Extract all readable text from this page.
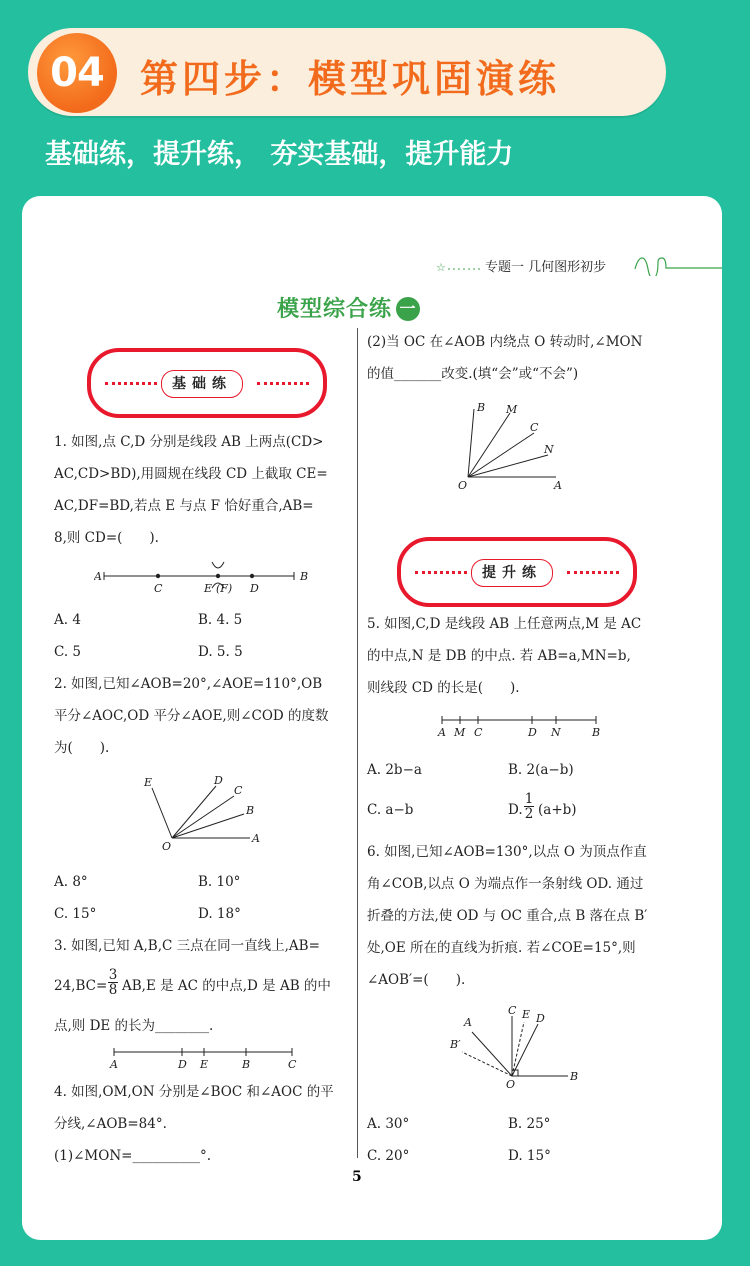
04 第四步：模型巩固演练
基础练，提升练， 夯实基础，提升能力
☆	专题一 几何图形初步
模型综合练 一
基础练
1. 如图,点 C,D 分别是线段 AB 上两点(CD>
AC,CD>BD),用圆规在线段 CD 上截取 CE=
AC,DF=BD,若点 E 与点 F 恰好重合,AB=
8,则 CD=(　　).
A
C	E (F) D
B
A. 4	B. 4. 5
C. 5	D. 5. 5
2. 如图,已知∠AOB=20°,∠AOE=110°,OB
平分∠AOC,OD 平分∠AOE,则∠COD 的度数
为(　　).
E	D
C
B
O
A
A. 8°	B. 10°
C. 15°	D. 18°
3. 如图,已知 A,B,C 三点在同一直线上,AB=
$24,BC= \frac{3}{8} AB,E$ 是 AC 的中点,D 是 AB 的中
点,则 DE 的长为________.
A	D E	B	C
4. 如图,OM,ON 分别是∠BOC 和∠AOC 的平
分线,∠AOB=84°.
(1)∠MON=__________°.
(2)当 OC 在∠AOB 内绕点 O 转动时,∠MON
的值_______改变.(填“会”或“不会”)
B M
C
N
O	A
提升练
5. 如图,C,D 是线段 AB 上任意两点,M 是 AC
的中点,N 是 DB 的中点. 若 AB=a,MN=b,
则线段 CD 的长是(　　).
A M C	D N	B
A. 2b−a	B. 2(a−b)
C. a−b	D. $\frac{1}{2} (a+b)$
6. 如图,已知∠AOB=130°,以点 O 为顶点作直
角∠COB,以点 O 为端点作一条射线 OD. 通过
折叠的方法,使 OD 与 OC 重合,点 B 落在点 B′
处,OE 所在的直线为折痕. 若∠COE=15°,则
∠AOB′=(　　).
C E D
A
B′
O
B
A. 30°	B. 25°
C. 20°	D. 15°
5
